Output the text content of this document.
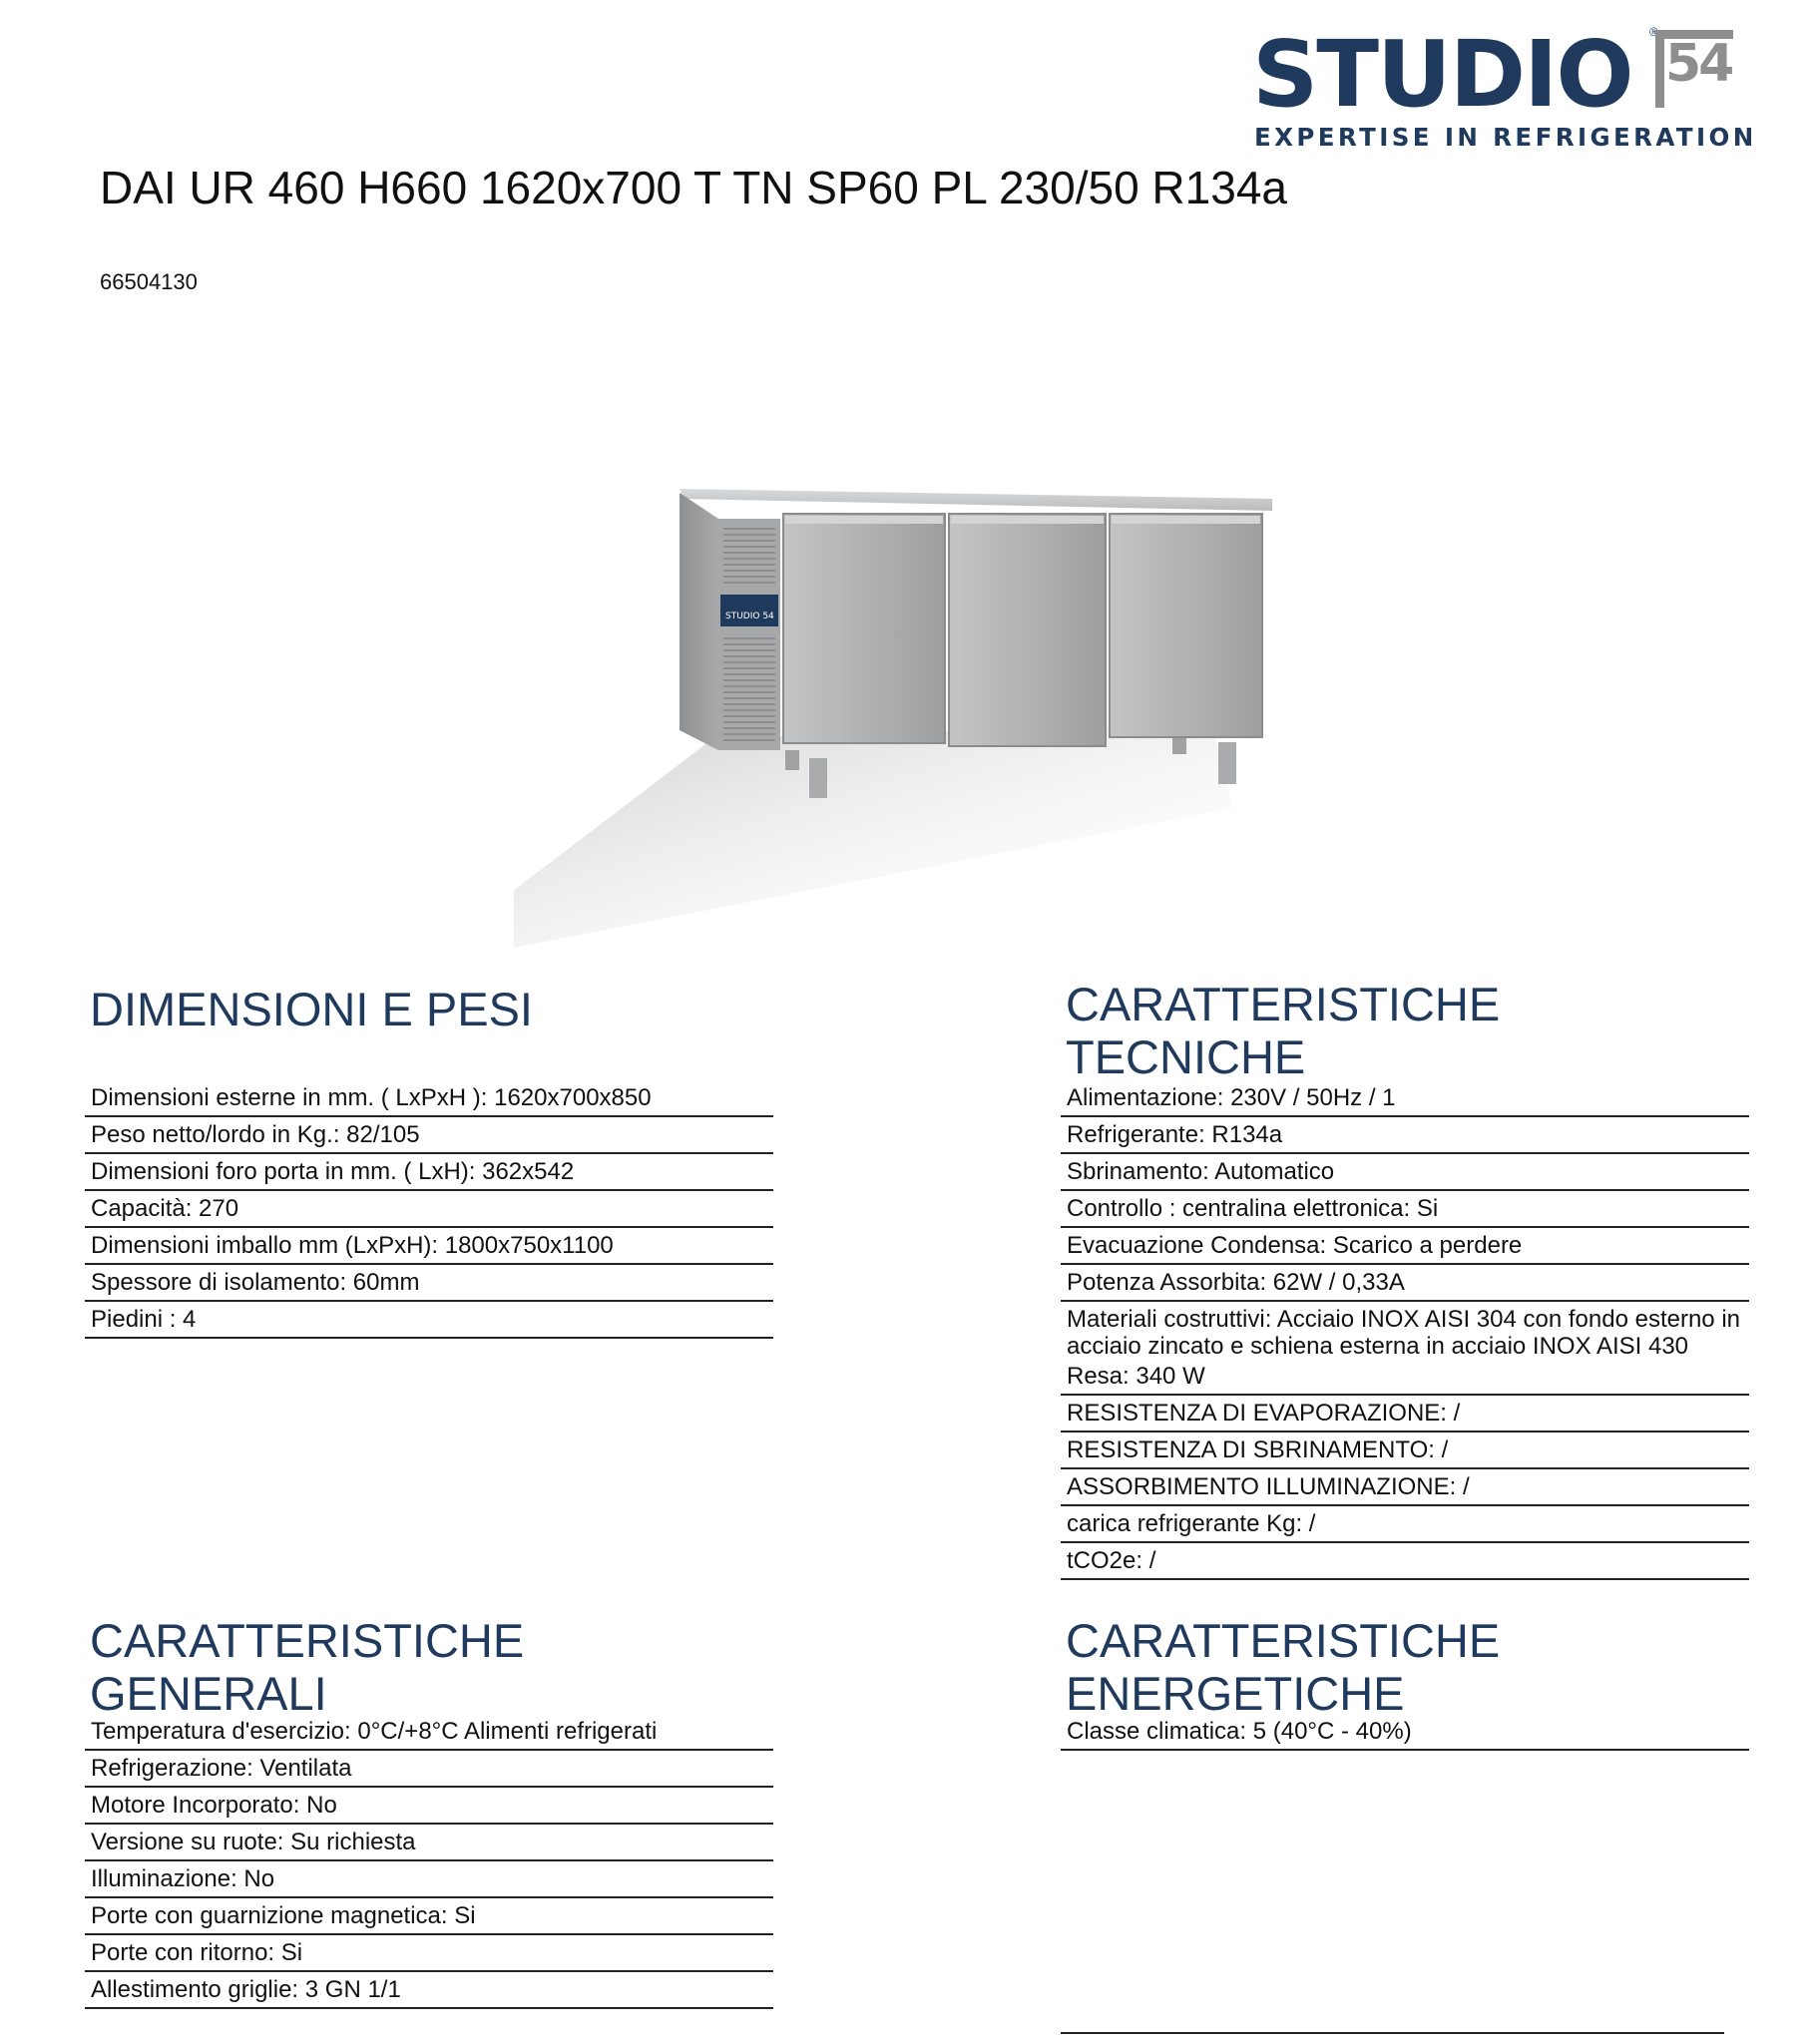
STUDIO ®
54
EXPERTISE IN REFRIGERATION
DAI UR 460 H660 1620x700 T TN SP60 PL 230/50 R134a
66504130
STUDIO 54
DIMENSIONI E PESI
Dimensioni esterne in mm. ( LxPxH ): 1620x700x850
Peso netto/lordo in Kg.: 82/105
Dimensioni foro porta in mm. ( LxH): 362x542
Capacità: 270
Dimensioni imballo mm (LxPxH): 1800x750x1100
Spessore di isolamento: 60mm
Piedini : 4
CARATTERISTICHE TECNICHE
Alimentazione: 230V / 50Hz / 1
Refrigerante: R134a
Sbrinamento: Automatico
Controllo : centralina elettronica: Si
Evacuazione Condensa: Scarico a perdere
Potenza Assorbita: 62W / 0,33A
Materiali costruttivi: Acciaio INOX AISI 304 con fondo esterno in acciaio zincato e schiena esterna in acciaio INOX AISI 430
Resa: 340 W
RESISTENZA DI EVAPORAZIONE: /
RESISTENZA DI SBRINAMENTO: /
ASSORBIMENTO ILLUMINAZIONE: /
carica refrigerante Kg: /
tCO2e: /
CARATTERISTICHE GENERALI
Temperatura d'esercizio: 0°C/+8°C Alimenti refrigerati
Refrigerazione: Ventilata
Motore Incorporato: No
Versione su ruote: Su richiesta
Illuminazione: No
Porte con guarnizione magnetica: Si
Porte con ritorno: Si
Allestimento griglie: 3 GN 1/1
CARATTERISTICHE ENERGETICHE
Classe climatica: 5 (40°C - 40%)
